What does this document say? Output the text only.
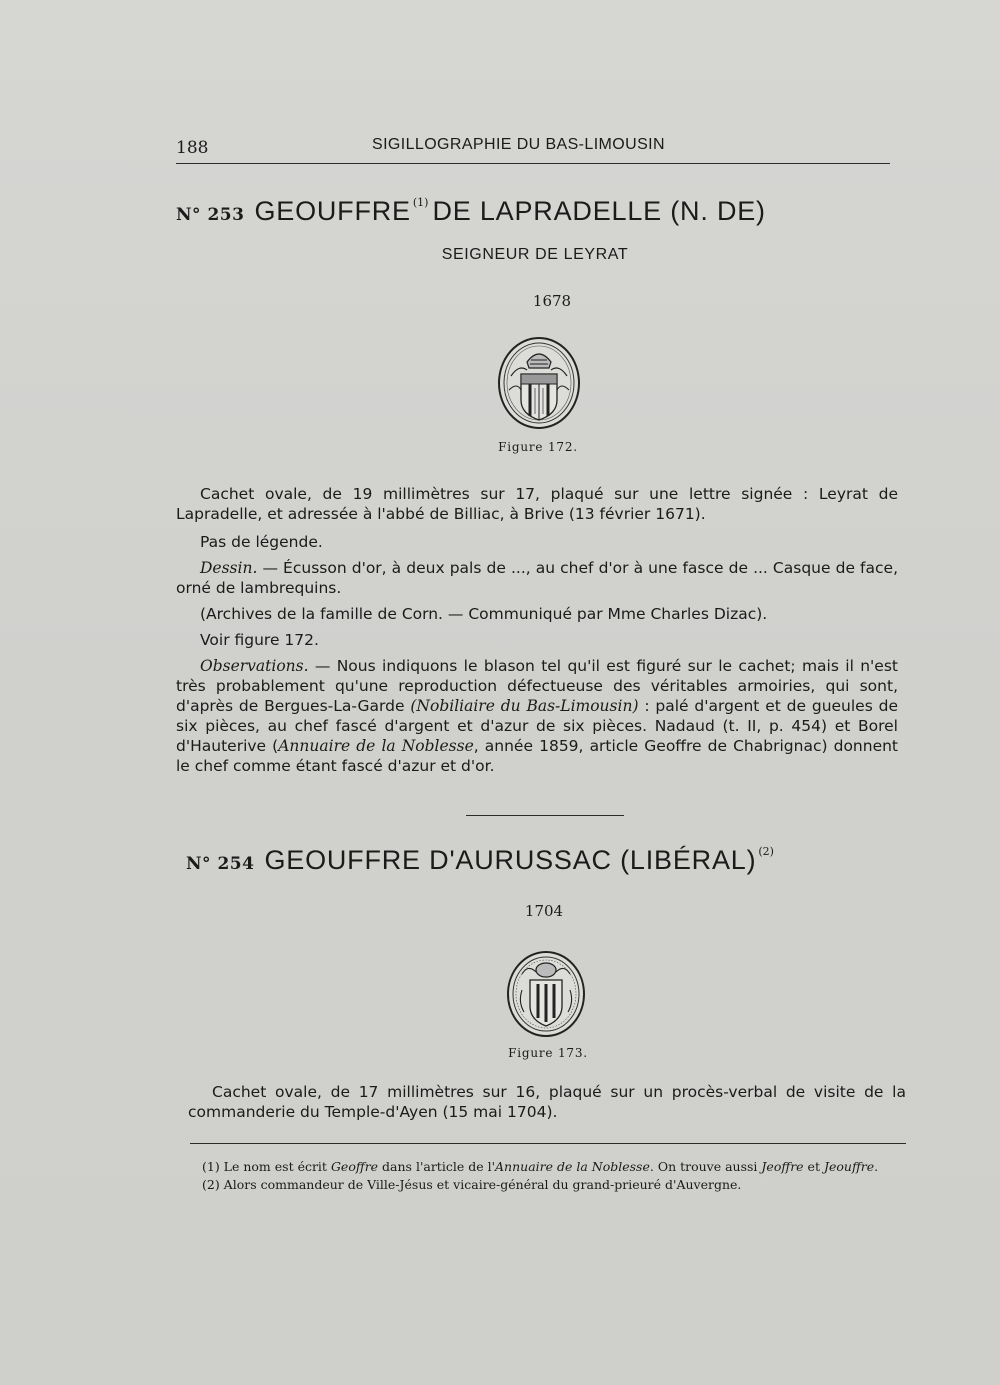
188	SIGILLOGRAPHIE DU BAS-LIMOUSIN
N° 253 GEOUFFRE $^{(1)}$ DE LAPRADELLE (N. DE)
SEIGNEUR DE LEYRAT
1678
Figure 172.

Cachet ovale, de 19 millimètres sur 17, plaqué sur une lettre signée : Leyrat de Lapradelle, et adressée à l'abbé de Billiac, à Brive (13 février 1671).

Pas de légende.

Dessin. — Écusson d'or, à deux pals de ..., au chef d'or à une fasce de ... Casque de face, orné de lambrequins.

(Archives de la famille de Corn. — Communiqué par Mme Charles Dizac).

Voir figure 172.

Observations. — Nous indiquons le blason tel qu'il est figuré sur le cachet; mais il n'est très probablement qu'une reproduction défectueuse des véritables armoiries, qui sont, d'après de Bergues-La-Garde (Nobiliaire du Bas-Limousin) : palé d'argent et de gueules de six pièces, au chef fascé d'argent et d'azur de six pièces. Nadaud (t. II, p. 454) et Borel d'Hauterive (Annuaire de la Noblesse, année 1859, article Geoffre de Chabrignac) donnent le chef comme étant fascé d'azur et d'or.

N° 254 GEOUFFRE D'AURUSSAC (LIBÉRAL) $^{(2)}$
1704
Figure 173.

Cachet ovale, de 17 millimètres sur 16, plaqué sur un procès-verbal de visite de la commanderie du Temple-d'Ayen (15 mai 1704).

(1) Le nom est écrit Geoffre dans l'article de l'Annuaire de la Noblesse. On trouve aussi Jeoffre et Jeouffre.
(2) Alors commandeur de Ville-Jésus et vicaire-général du grand-prieuré d'Auvergne.
